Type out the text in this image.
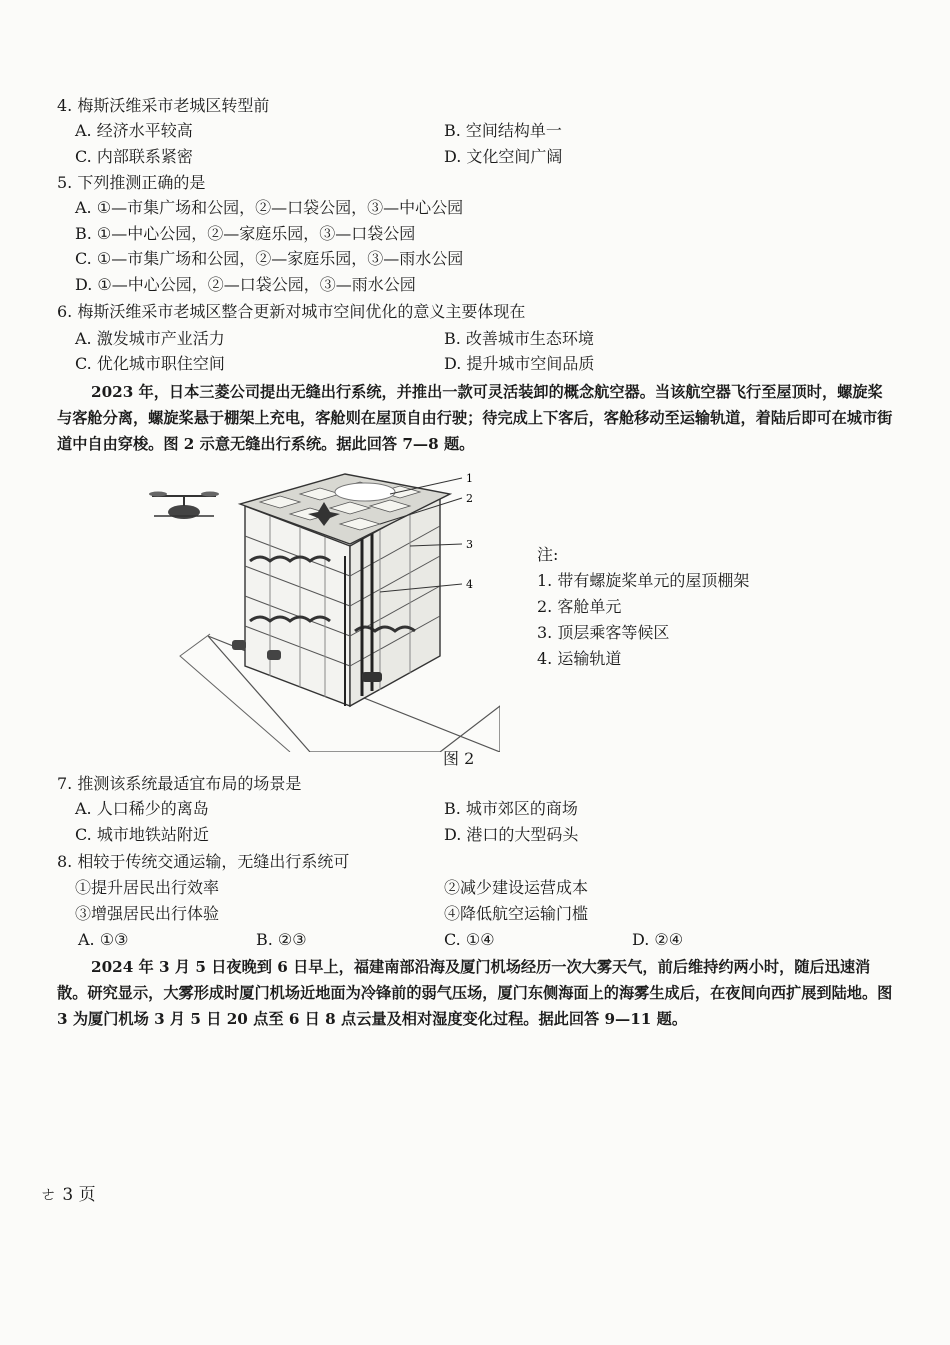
4. 梅斯沃维采市老城区转型前
A. 经济水平较高	B. 空间结构单一
C. 内部联系紧密	D. 文化空间广阔
5. 下列推测正确的是
A. ①—市集广场和公园，②—口袋公园，③—中心公园
B. ①—中心公园，②—家庭乐园，③—口袋公园
C. ①—市集广场和公园，②—家庭乐园，③—雨水公园
D. ①—中心公园，②—口袋公园，③—雨水公园
6. 梅斯沃维采市老城区整合更新对城市空间优化的意义主要体现在
A. 激发城市产业活力	B. 改善城市生态环境
C. 优化城市职住空间	D. 提升城市空间品质

2023 年，日本三菱公司提出无缝出行系统，并推出一款可灵活装卸的概念航空器。当该航空器飞行至屋顶时，螺旋桨与客舱分离，螺旋桨悬于棚架上充电，客舱则在屋顶自由行驶；待完成上下客后，客舱移动至运输轨道，着陆后即可在城市街道中自由穿梭。图 2 示意无缝出行系统。据此回答 7—8 题。

1
2
3
4
注:
1. 带有螺旋桨单元的屋顶棚架
2. 客舱单元
3. 顶层乘客等候区
4. 运输轨道
图 2
7. 推测该系统最适宜布局的场景是
A. 人口稀少的离岛	B. 城市郊区的商场
C. 城市地铁站附近	D. 港口的大型码头
8. 相较于传统交通运输，无缝出行系统可
①提升居民出行效率	②减少建设运营成本
③增强居民出行体验	④降低航空运输门槛
A. ①③	B. ②③	C. ①④	D. ②④

2024 年 3 月 5 日夜晚到 6 日早上，福建南部沿海及厦门机场经历一次大雾天气，前后维持约两小时，随后迅速消散。研究显示，大雾形成时厦门机场近地面为冷锋前的弱气压场，厦门东侧海面上的海雾生成后，在夜间向西扩展到陆地。图 3 为厦门机场 3 月 5 日 20 点至 6 日 8 点云量及相对湿度变化过程。据此回答 9—11 题。

ㄜ 3 页
